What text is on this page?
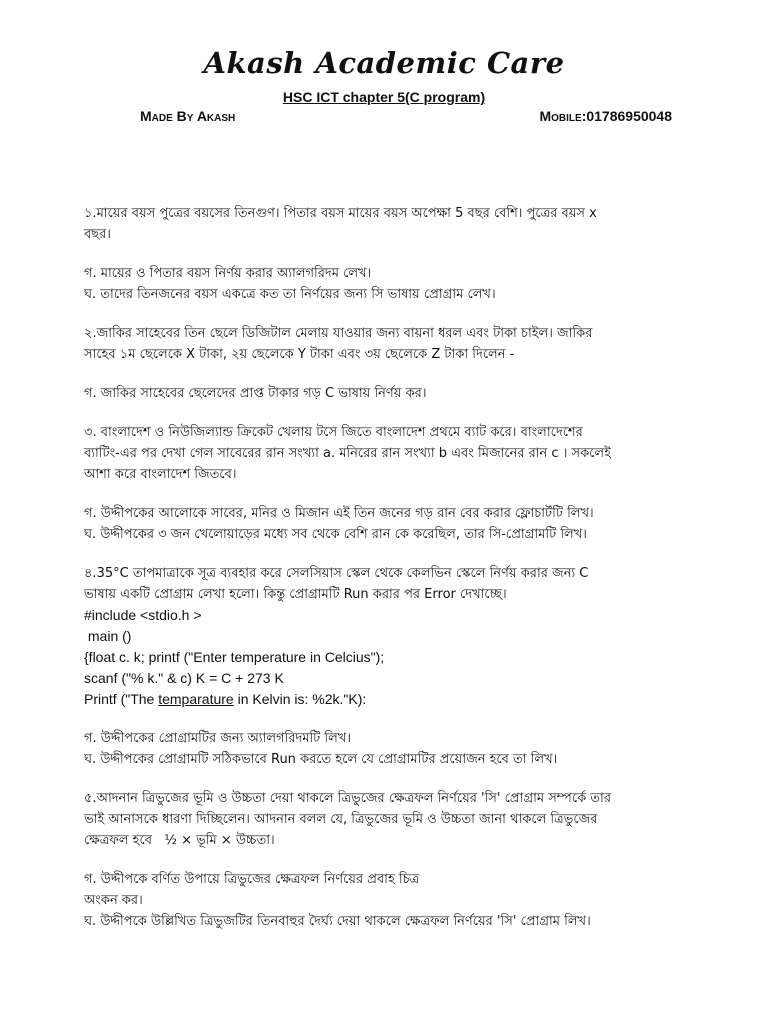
Akash Academic Care
HSC ICT chapter 5(C program)
Made By Akash	Mobile:01786950048
১.মায়ের বয়স পুত্রের বয়সের তিনগুণ। পিতার বয়স মায়ের বয়স অপেক্ষা 5 বছর বেশি। পুত্রের বয়স x
বছর।
গ. মায়ের ও পিতার বয়স নির্ণয় করার অ্যালগরিদম লেখ।
ঘ. তাদের তিনজনের বয়স একত্রে কত তা নির্ণয়ের জন্য সি ভাষায় প্রোগ্রাম লেখ।
২.জাকির সাহেবের তিন ছেলে ডিজিটাল মেলায় যাওয়ার জন্য বায়না ধরল এবং টাকা চাইল। জাকির
সাহেব ১ম ছেলেকে X টাকা, ২য় ছেলেকে Y টাকা এবং ৩য় ছেলেকে Z টাকা দিলেন -
গ. জাকির সাহেবের ছেলেদের প্রাপ্ত টাকার গড় C ভাষায় নির্ণয় কর।
৩. বাংলাদেশ ও নিউজিল্যান্ড ক্রিকেট খেলায় টসে জিতে বাংলাদেশ প্রথমে ব্যাট করে। বাংলাদেশের
ব্যাটিং-এর পর দেখা গেল সাবেরের রান সংখ্যা a. মনিরের রান সংখ্যা b এবং মিজানের রান c । সকলেই
আশা করে বাংলাদেশ জিতবে।
গ. উদ্দীপকের আলোকে সাবের, মনির ও মিজান এই তিন জনের গড় রান বের করার ফ্লোচার্টটি লিখ।
ঘ. উদ্দীপকের ৩ জন খেলোয়াড়ের মধ্যে সব থেকে বেশি রান কে করেছিল, তার সি-প্রোগ্রামটি লিখ।
৪.35°C তাপমাত্রাকে সূত্র ব্যবহার করে সেলসিয়াস স্কেল থেকে কেলভিন স্কেলে নির্ণয় করার জন্য C
ভাষায় একটি প্রোগ্রাম লেখা হলো। কিন্তু প্রোগ্রামটি Run করার পর Error দেখাচ্ছে।
#include <stdio.h >
main ()
{float c. k; printf ("Enter temperature in Celcius");
scanf ("% k." & c) K = C + 273 K
Printf ("The temparature in Kelvin is: %2k."K):
গ. উদ্দীপকের প্রোগ্রামটির জন্য অ্যালগরিদমটি লিখ।
ঘ. উদ্দীপকের প্রোগ্রামটি সঠিকভাবে Run করতে হলে যে প্রোগ্রামটির প্রয়োজন হবে তা লিখ।
৫.আদনান ত্রিভুজের ভূমি ও উচ্চতা দেয়া থাকলে ত্রিভুজের ক্ষেত্রফল নির্ণয়ের 'সি' প্রোগ্রাম সম্পর্কে তার
ভাই আনাসকে ধারণা দিচ্ছিলেন। আদনান বলল যে, ত্রিভুজের ভূমি ও উচ্চতা জানা থাকলে ত্রিভুজের
ক্ষেত্রফল হবে   ½ × ভূমি × উচ্চতা।
গ. উদ্দীপকে বর্ণিত উপায়ে ত্রিভুজের ক্ষেত্রফল নির্ণয়ের প্রবাহ চিত্র
অংকন কর।
ঘ. উদ্দীপকে উল্লিখিত ত্রিভুজটির তিনবাহুর দৈর্ঘ্য দেয়া থাকলে ক্ষেত্রফল নির্ণয়ের 'সি' প্রোগ্রাম লিখ।
